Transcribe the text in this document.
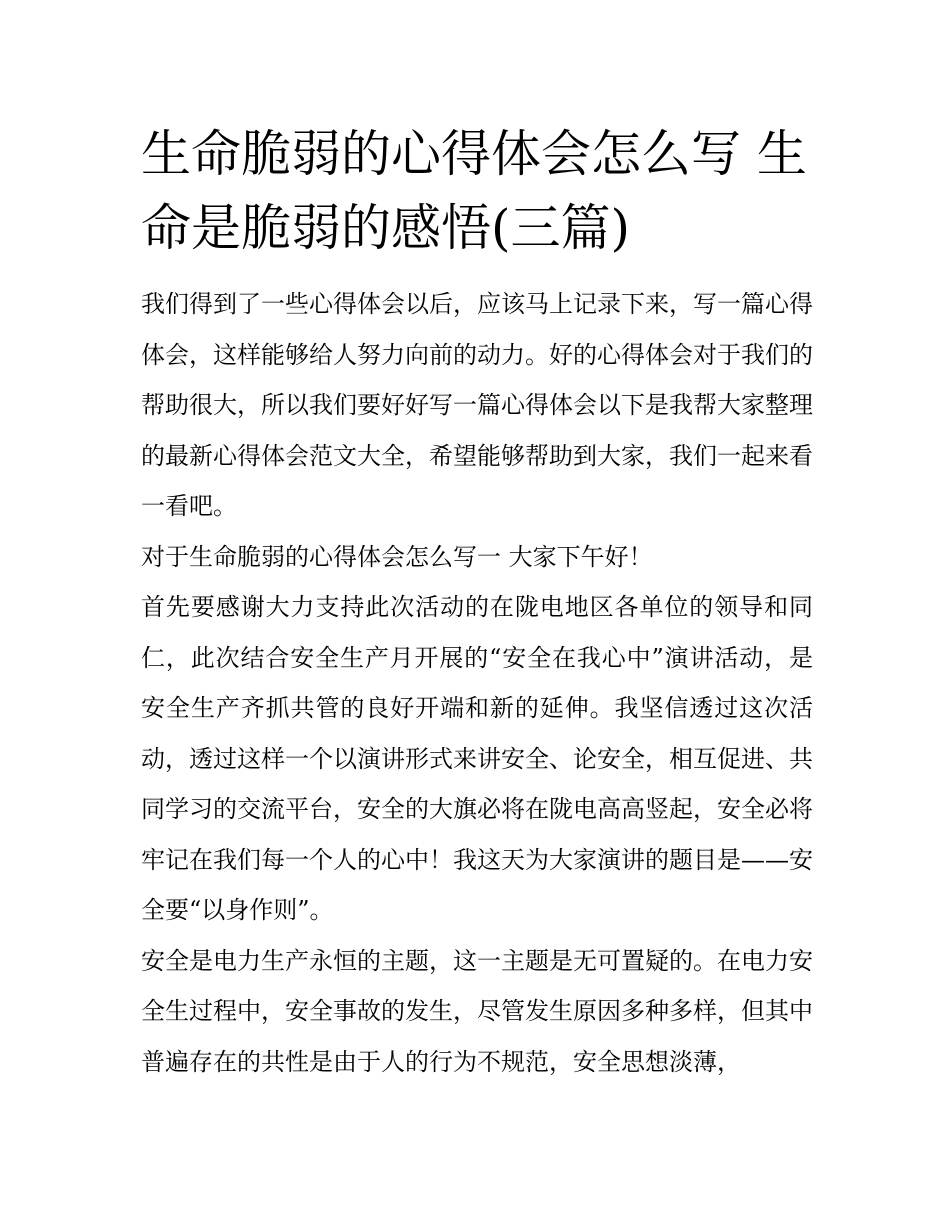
生命脆弱的心得体会怎么写 生命是脆弱的感悟(三篇)

我们得到了一些心得体会以后，应该马上记录下来，写一篇心得体会，这样能够给人努力向前的动力。好的心得体会对于我们的帮助很大，所以我们要好好写一篇心得体会以下是我帮大家整理的最新心得体会范文大全，希望能够帮助到大家，我们一起来看一看吧。

对于生命脆弱的心得体会怎么写一 大家下午好！

首先要感谢大力支持此次活动的在陇电地区各单位的领导和同仁，此次结合安全生产月开展的“安全在我心中”演讲活动，是安全生产齐抓共管的良好开端和新的延伸。我坚信透过这次活动，透过这样一个以演讲形式来讲安全、论安全，相互促进、共同学习的交流平台，安全的大旗必将在陇电高高竖起，安全必将牢记在我们每一个人的心中！我这天为大家演讲的题目是——安全要“以身作则”。

安全是电力生产永恒的主题，这一主题是无可置疑的。在电力安全生过程中，安全事故的发生，尽管发生原因多种多样，但其中普遍存在的共性是由于人的行为不规范，安全思想淡薄，
